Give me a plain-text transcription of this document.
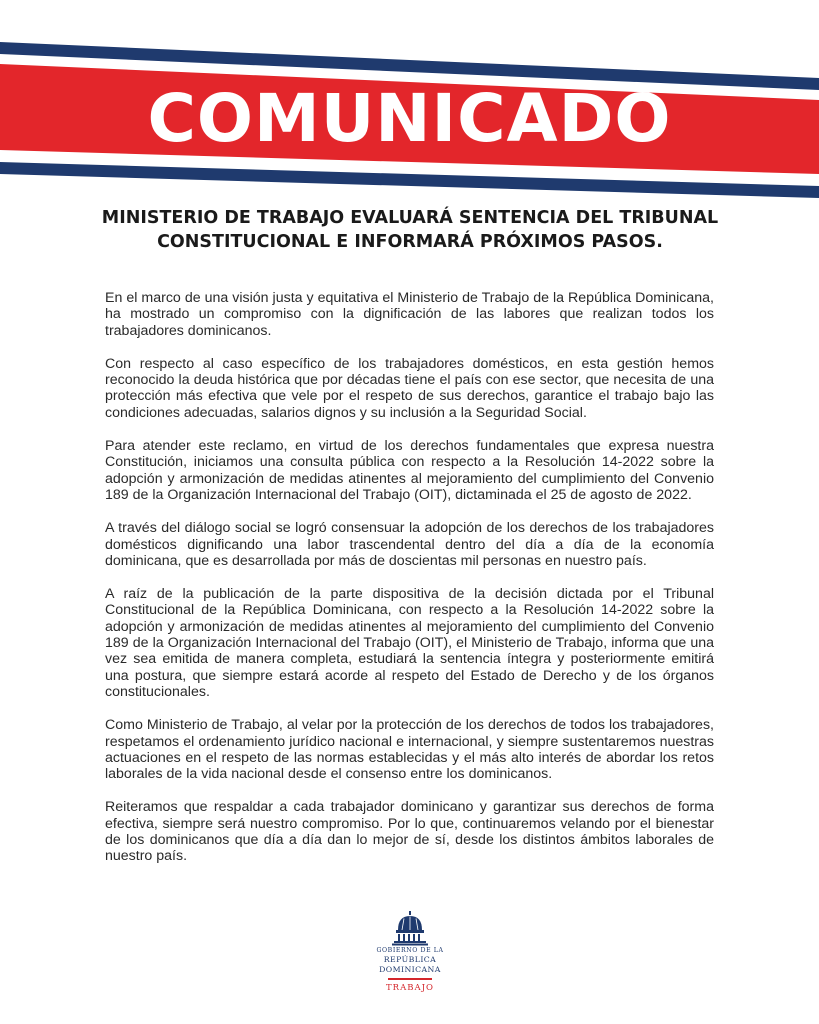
COMUNICADO
MINISTERIO DE TRABAJO EVALUARÁ SENTENCIA DEL TRIBUNAL CONSTITUCIONAL E INFORMARÁ PRÓXIMOS PASOS.

En el marco de una visión justa y equitativa el Ministerio de Trabajo de la República Dominicana, ha mostrado un compromiso con la dignificación de las labores que realizan todos los trabajadores dominicanos.

Con respecto al caso específico de los trabajadores domésticos, en esta gestión hemos reconocido la deuda histórica que por décadas tiene el país con ese sector, que necesita de una protección más efectiva que vele por el respeto de sus derechos, garantice el trabajo bajo las condiciones adecuadas, salarios dignos y su inclusión a la Seguridad Social.

Para atender este reclamo, en virtud de los derechos fundamentales que expresa nuestra Constitución, iniciamos una consulta pública con respecto a la Resolución 14-2022 sobre la adopción y armonización de medidas atinentes al mejoramiento del cumplimiento del Convenio 189 de la Organización Internacional del Trabajo (OIT), dictaminada el 25 de agosto de 2022.

A través del diálogo social se logró consensuar la adopción de los derechos de los trabajadores domésticos dignificando una labor trascendental dentro del día a día de la economía dominicana, que es desarrollada por más de doscientas mil personas en nuestro país.

A raíz de la publicación de la parte dispositiva de la decisión dictada por el Tribunal Constitucional de la República Dominicana, con respecto a la Resolución 14-2022 sobre la adopción y armonización de medidas atinentes al mejoramiento del cumplimiento del Convenio 189 de la Organización Internacional del Trabajo (OIT), el Ministerio de Trabajo, informa que una vez sea emitida de manera completa, estudiará la sentencia íntegra y posteriormente emitirá una postura, que siempre estará acorde al respeto del Estado de Derecho y de los órganos constitucionales.

Como Ministerio de Trabajo, al velar por la protección de los derechos de todos los trabajadores, respetamos el ordenamiento jurídico nacional e internacional, y siempre sustentaremos nuestras actuaciones en el respeto de las normas establecidas y el más alto interés de abordar los retos laborales de la vida nacional desde el consenso entre los dominicanos.

Reiteramos que respaldar a cada trabajador dominicano y garantizar sus derechos de forma efectiva, siempre será nuestro compromiso. Por lo que, continuaremos velando por el bienestar de los dominicanos que día a día dan lo mejor de sí, desde los distintos ámbitos laborales de nuestro país.

GOBIERNO DE LA
REPÚBLICA
DOMINICANA
TRABAJO
